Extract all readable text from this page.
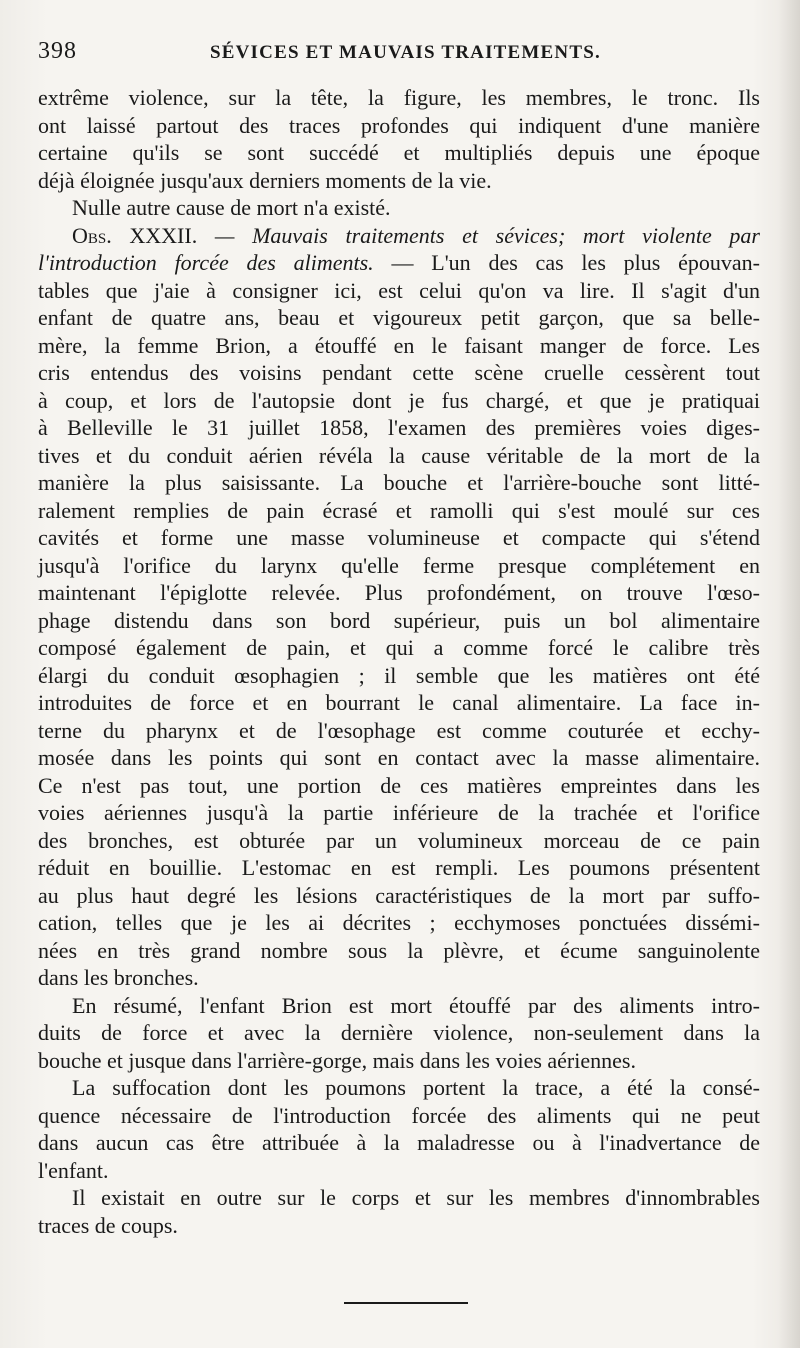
398	SÉVICES ET MAUVAIS TRAITEMENTS.
extrême violence, sur la tête, la figure, les membres, le tronc. Ils
ont laissé partout des traces profondes qui indiquent d'une manière
certaine qu'ils se sont succédé et multipliés depuis une époque
déjà éloignée jusqu'aux derniers moments de la vie.
Nulle autre cause de mort n'a existé.
Obs. XXXII. — Mauvais traitements et sévices; mort violente par
l'introduction forcée des aliments. — L'un des cas les plus épouvan-
tables que j'aie à consigner ici, est celui qu'on va lire. Il s'agit d'un
enfant de quatre ans, beau et vigoureux petit garçon, que sa belle-
mère, la femme Brion, a étouffé en le faisant manger de force. Les
cris entendus des voisins pendant cette scène cruelle cessèrent tout
à coup, et lors de l'autopsie dont je fus chargé, et que je pratiquai
à Belleville le 31 juillet 1858, l'examen des premières voies diges-
tives et du conduit aérien révéla la cause véritable de la mort de la
manière la plus saisissante. La bouche et l'arrière-bouche sont litté-
ralement remplies de pain écrasé et ramolli qui s'est moulé sur ces
cavités et forme une masse volumineuse et compacte qui s'étend
jusqu'à l'orifice du larynx qu'elle ferme presque complétement en
maintenant l'épiglotte relevée. Plus profondément, on trouve l'œso-
phage distendu dans son bord supérieur, puis un bol alimentaire
composé également de pain, et qui a comme forcé le calibre très
élargi du conduit œsophagien ; il semble que les matières ont été
introduites de force et en bourrant le canal alimentaire. La face in-
terne du pharynx et de l'œsophage est comme couturée et ecchy-
mosée dans les points qui sont en contact avec la masse alimentaire.
Ce n'est pas tout, une portion de ces matières empreintes dans les
voies aériennes jusqu'à la partie inférieure de la trachée et l'orifice
des bronches, est obturée par un volumineux morceau de ce pain
réduit en bouillie. L'estomac en est rempli. Les poumons présentent
au plus haut degré les lésions caractéristiques de la mort par suffo-
cation, telles que je les ai décrites ; ecchymoses ponctuées dissémi-
nées en très grand nombre sous la plèvre, et écume sanguinolente
dans les bronches.
En résumé, l'enfant Brion est mort étouffé par des aliments intro-
duits de force et avec la dernière violence, non-seulement dans la
bouche et jusque dans l'arrière-gorge, mais dans les voies aériennes.
La suffocation dont les poumons portent la trace, a été la consé-
quence nécessaire de l'introduction forcée des aliments qui ne peut
dans aucun cas être attribuée à la maladresse ou à l'inadvertance de
l'enfant.
Il existait en outre sur le corps et sur les membres d'innombrables
traces de coups.
